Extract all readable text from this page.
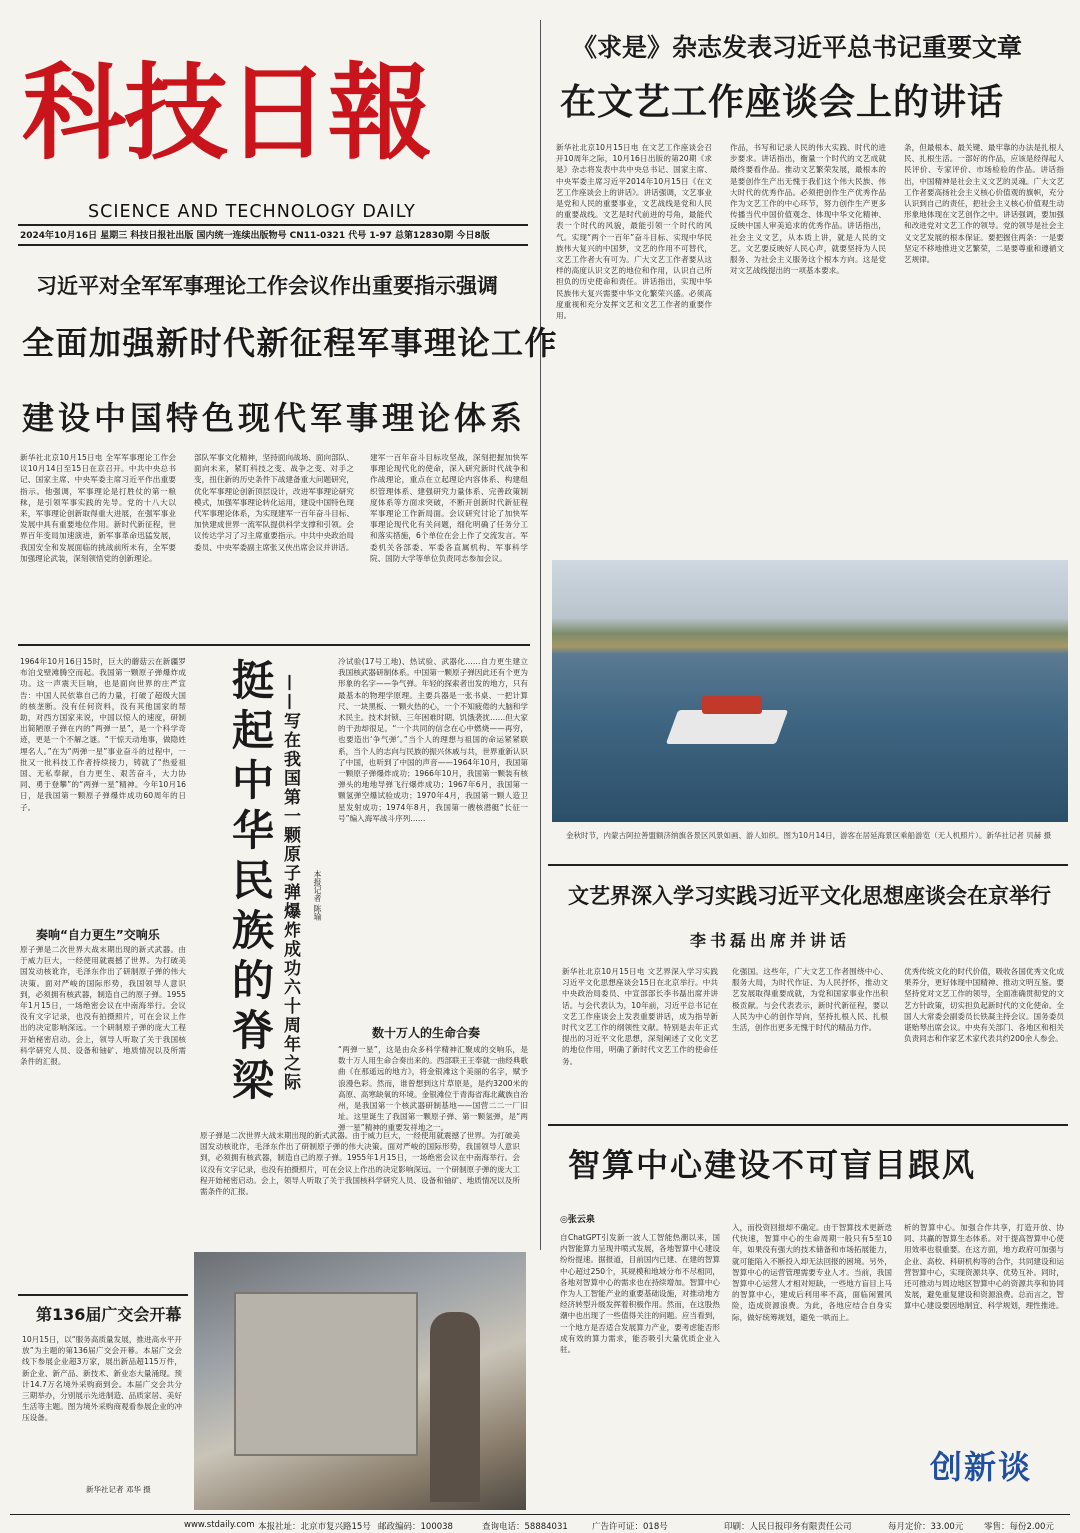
科技日報
SCIENCE AND TECHNOLOGY DAILY
2024年10月16日 星期三 科技日报社出版 国内统一连续出版物号 CN11-0321 代号 1-97 总第12830期 今日8版
《求是》杂志发表习近平总书记重要文章
在文艺工作座谈会上的讲话
新华社北京10月15日电 在文艺工作座谈会召开10周年之际，10月16日出版的第20期《求是》杂志将发表中共中央总书记、国家主席、中央军委主席习近平2014年10月15日《在文艺工作座谈会上的讲话》。讲话强调，文艺事业是党和人民的重要事业，文艺战线是党和人民的重要战线。文艺是时代前进的号角，最能代表一个时代的风貌，最能引领一个时代的风气。实现“两个一百年”奋斗目标、实现中华民族伟大复兴的中国梦，文艺的作用不可替代，文艺工作者大有可为。广大文艺工作者要从这样的高度认识文艺的地位和作用，认识自己所担负的历史使命和责任。讲话指出，实现中华民族伟大复兴需要中华文化繁荣兴盛。必须高度重视和充分发挥文艺和文艺工作者的重要作用。
作品，书写和记录人民的伟大实践、时代的进步要求。讲话指出，衡量一个时代的文艺成就最终要看作品。推动文艺繁荣发展，最根本的是要创作生产出无愧于我们这个伟大民族、伟大时代的优秀作品。必须把创作生产优秀作品作为文艺工作的中心环节，努力创作生产更多传播当代中国价值观念、体现中华文化精神、反映中国人审美追求的优秀作品。讲话指出，社会主义文艺，从本质上讲，就是人民的文艺。文艺要反映好人民心声，就要坚持为人民服务、为社会主义服务这个根本方向。这是党对文艺战线提出的一项基本要求。
条，但最根本、最关键、最牢靠的办法是扎根人民、扎根生活。一部好的作品，应该是经得起人民评价、专家评价、市场检验的作品。讲话指出，中国精神是社会主义文艺的灵魂。广大文艺工作者要高扬社会主义核心价值观的旗帜，充分认识到自己的责任，把社会主义核心价值观生动形象地体现在文艺创作之中。讲话强调，要加强和改进党对文艺工作的领导。党的领导是社会主义文艺发展的根本保证。要把握住两条：一是要坚定不移地推进文艺繁荣，二是要尊重和遵循文艺规律。
习近平对全军军事理论工作会议作出重要指示强调
全面加强新时代新征程军事理论工作
建设中国特色现代军事理论体系
新华社北京10月15日电 全军军事理论工作会议10月14日至15日在京召开。中共中央总书记、国家主席、中央军委主席习近平作出重要指示。他强调，军事理论是打胜仗的第一粮秣，是引领军事实践的先导。党的十八大以来，军事理论创新取得重大进展，在强军事业发展中具有重要地位作用。新时代新征程，世界百年变局加速演进，新军事革命迅猛发展，我国安全和发展面临的挑战前所未有，全军要加强理论武装，深刻领悟党的创新理论。
部队军事文化精神，坚持面向战场、面向部队、面向未来，紧盯科技之变、战争之变、对手之变，扭住新的历史条件下战建备重大问题研究，优化军事理论创新顶层设计，改进军事理论研究模式，加强军事理论转化运用，建设中国特色现代军事理论体系，为实现建军一百年奋斗目标、加快建成世界一流军队提供科学支撑和引领。会议传达学习了习主席重要指示。中共中央政治局委员、中央军委副主席张又侠出席会议并讲话。
建军一百年奋斗目标攻坚战，深刻把握加快军事理论现代化的使命，深入研究新时代战争和作战理论，重点在立起理论内容体系、构建组织管理体系、建强研究力量体系、完善政策制度体系等方面求突破，不断开创新时代新征程军事理论工作新局面。会议研究讨论了加快军事理论现代化有关问题，细化明确了任务分工和落实措施，6个单位在会上作了交流发言。军委机关各部委、军委各直属机构、军事科学院、国防大学等单位负责同志参加会议。
1964年10月16日15时，巨大的蘑菇云在新疆罗布泊戈壁滩腾空而起。我国第一颗原子弹爆炸成功。这一声震天巨响，也是面向世界的庄严宣告：中国人民依靠自己的力量，打破了超级大国的核垄断。没有任何资料，没有其他国家的帮助，对西方国家来说，中国以惊人的速度，研制出简陋原子弹在内的“两弹一星”，是一个科学奇迹，更是一个不解之谜。“干惊天动地事，做隐姓埋名人。”在为“两弹一星”事业奋斗的过程中，一批又一批科技工作者持续接力，铸就了“热爱祖国、无私奉献，自力更生、艰苦奋斗，大力协同、勇于登攀”的“两弹一星”精神。今年10月16日，是我国第一颗原子弹爆炸成功60周年的日子。	挺起中华民族的脊梁 ——写在我国第一颗原子弹爆炸成功六十周年之际	本报记者 陈瑜
奏响“自力更生”交响乐
原子弹是二次世界大战末期出现的新式武器。由于威力巨大，一经使用就震撼了世界。为打破美国发动核讹诈，毛泽东作出了研制原子弹的伟大决策。面对严峻的国际形势，我国领导人意识到，必须拥有核武器，制造自己的原子弹。1955年1月15日，一场绝密会议在中南海举行。会议没有文字记录，也没有拍摄照片，可在会议上作出的决定影响深远。一个研制原子弹的庞大工程开始秘密启动。会上，领导人听取了关于我国核科学研究人员、设备和铀矿、地质情况以及所需条件的汇报。
冷试验(17号工地)、热试验、武器化……自力更生建立我国核武器研制体系。中国第一颗原子弹因此还有个更为形象的名字——争气弹。年轻的探索者出发的地方，只有最基本的物理学原理。主要兵器是一张书桌、一把计算尺、一块黑板、一颗火热的心，一个不知疲倦的大脑和学术民主。技术封锁、三年困难时期、饥饿袭扰……但大家的干劲却很足。“一个共同的信念在心中燃烧——再穷，也要造出‘争气弹’。”当个人的理想与祖国的命运紧紧联系，当个人的志向与民族的振兴休戚与共，世界重新认识了中国，也听到了中国的声音——1964年10月，我国第一颗原子弹爆炸成功；1966年10月，我国第一颗装有核弹头的地地导弹飞行爆炸成功；1967年6月，我国第一颗氢弹空爆试验成功；1970年4月，我国第一颗人造卫星发射成功；1974年8月，我国第一艘核潜艇“长征一号”编入海军战斗序列……
数十万人的生命合奏
“两弹一星”，这是由众多科学精神汇聚成的交响乐，是数十万人用生命合奏出来的。西部联王王奉就一曲经典歌曲《在那遥远的地方》，将金银滩这个美丽的名字，赋予浪漫色彩。然而，谁曾想到这片草原是，是约3200米的高原、高寒缺氧的环境。金银滩位于青海省海北藏族自治州，是我国第一个核武器研制基地——国营二二一厂旧址。这里诞生了我国第一颗原子弹、第一颗氢弹，是“两弹一星”精神的重要发祥地之一。
原子弹是二次世界大战末期出现的新式武器。由于威力巨大，一经使用就震撼了世界。为打破美国发动核讹诈，毛泽东作出了研制原子弹的伟大决策。面对严峻的国际形势，我国领导人意识到，必须拥有核武器，制造自己的原子弹。1955年1月15日，一场绝密会议在中南海举行。会议没有文字记录，也没有拍摄照片，可在会议上作出的决定影响深远。一个研制原子弹的庞大工程开始秘密启动。会上，领导人听取了关于我国核科学研究人员、设备和铀矿、地质情况以及所需条件的汇报。
金秋时节，内蒙古阿拉善盟额济纳旗各景区风景如画、游人如织。图为10月14日，游客在居延海景区乘船游览（无人机照片）。新华社记者 贝赫 摄
文艺界深入学习实践习近平文化思想座谈会在京举行
李书磊出席并讲话
新华社北京10月15日电 文艺界深入学习实践习近平文化思想座谈会15日在北京举行。中共中央政治局委员、中宣部部长李书磊出席并讲话。与会代表认为，10年前，习近平总书记在文艺工作座谈会上发表重要讲话，成为指导新时代文艺工作的纲领性文献。特别是去年正式提出的习近平文化思想，深刻阐述了文化文艺的地位作用，明确了新时代文艺工作的使命任务。
化强国。这些年，广大文艺工作者围绕中心、服务大局，为时代作证、为人民抒怀，推动文艺发展取得重要成就，为党和国家事业作出积极贡献。与会代表表示，新时代新征程，要以人民为中心的创作导向，坚持扎根人民、扎根生活，创作出更多无愧于时代的精品力作。
优秀传统文化的时代价值，吸收各国优秀文化成果养分，更好体现中国精神、推动文明互鉴。要坚持党对文艺工作的领导，全面准确贯彻党的文艺方针政策，切实担负起新时代的文化使命。全国人大常委会副委员长铁凝主持会议。国务委员谌贻琴出席会议。中央有关部门、各地区和相关负责同志和作家艺术家代表共约200余人参会。
智算中心建设不可盲目跟风
◎张云泉
自ChatGPT引发新一波人工智能热潮以来，国内智能算力呈现井喷式发展，各地智算中心建设纷纷提速。据报道，目前国内已建、在建的智算中心超过250个，其规模和地域分布不尽相同，各地对智算中心的需求也在持续增加。智算中心作为人工智能产业的重要基础设施，对推动地方经济转型升级发挥着积极作用。然而，在这股热潮中也出现了一些值得关注的问题。应当看到，一个地方是否适合发展算力产业，要考虑能否形成有效的算力需求，能否吸引大量优质企业入驻。
入，而投资回报却不确定。由于智算技术更新迭代快速，智算中心的生命周期一般只有5至10年，如果没有强大的技术储备和市场拓展能力，就可能陷入不断投入却无法回报的困境。另外，智算中心的运营管理需要专业人才。当前，我国智算中心运营人才相对短缺，一些地方盲目上马的智算中心，建成后利用率不高，面临闲置风险，造成资源浪费。为此，各地应结合自身实际，做好统筹规划，避免一哄而上。
析的智算中心。加强合作共享，打造开放、协同、共赢的智算生态体系。对于提高智算中心使用效率也很重要。在这方面，地方政府可加强与企业、高校、科研机构等的合作，共同建设和运营智算中心，实现资源共享、优势互补。同时，还可推动与周边地区智算中心的资源共享和协同发展，避免重复建设和资源浪费。总而言之，智算中心建设要因地制宜、科学规划，理性推进。
创新谈
第136届广交会开幕
10月15日，以“服务高质量发展，推进高水平开放”为主题的第136届广交会开幕。本届广交会线下参展企业超3万家，展出新品超115万件，新企业、新产品、新技术、新业态大量涌现。预计14.7万名境外采购商到会。本届广交会共分三期举办，分别展示先进制造、品质家居、美好生活等主题。图为境外采购商观看参展企业的冲压设备。
新华社记者 邓华 摄
www.stdaily.com 本报社址：北京市复兴路15号 邮政编码：100038	查询电话：58884031	广告许可证：018号	印刷：人民日报印务有限责任公司	每月定价：33.00元 零售：每份2.00元
